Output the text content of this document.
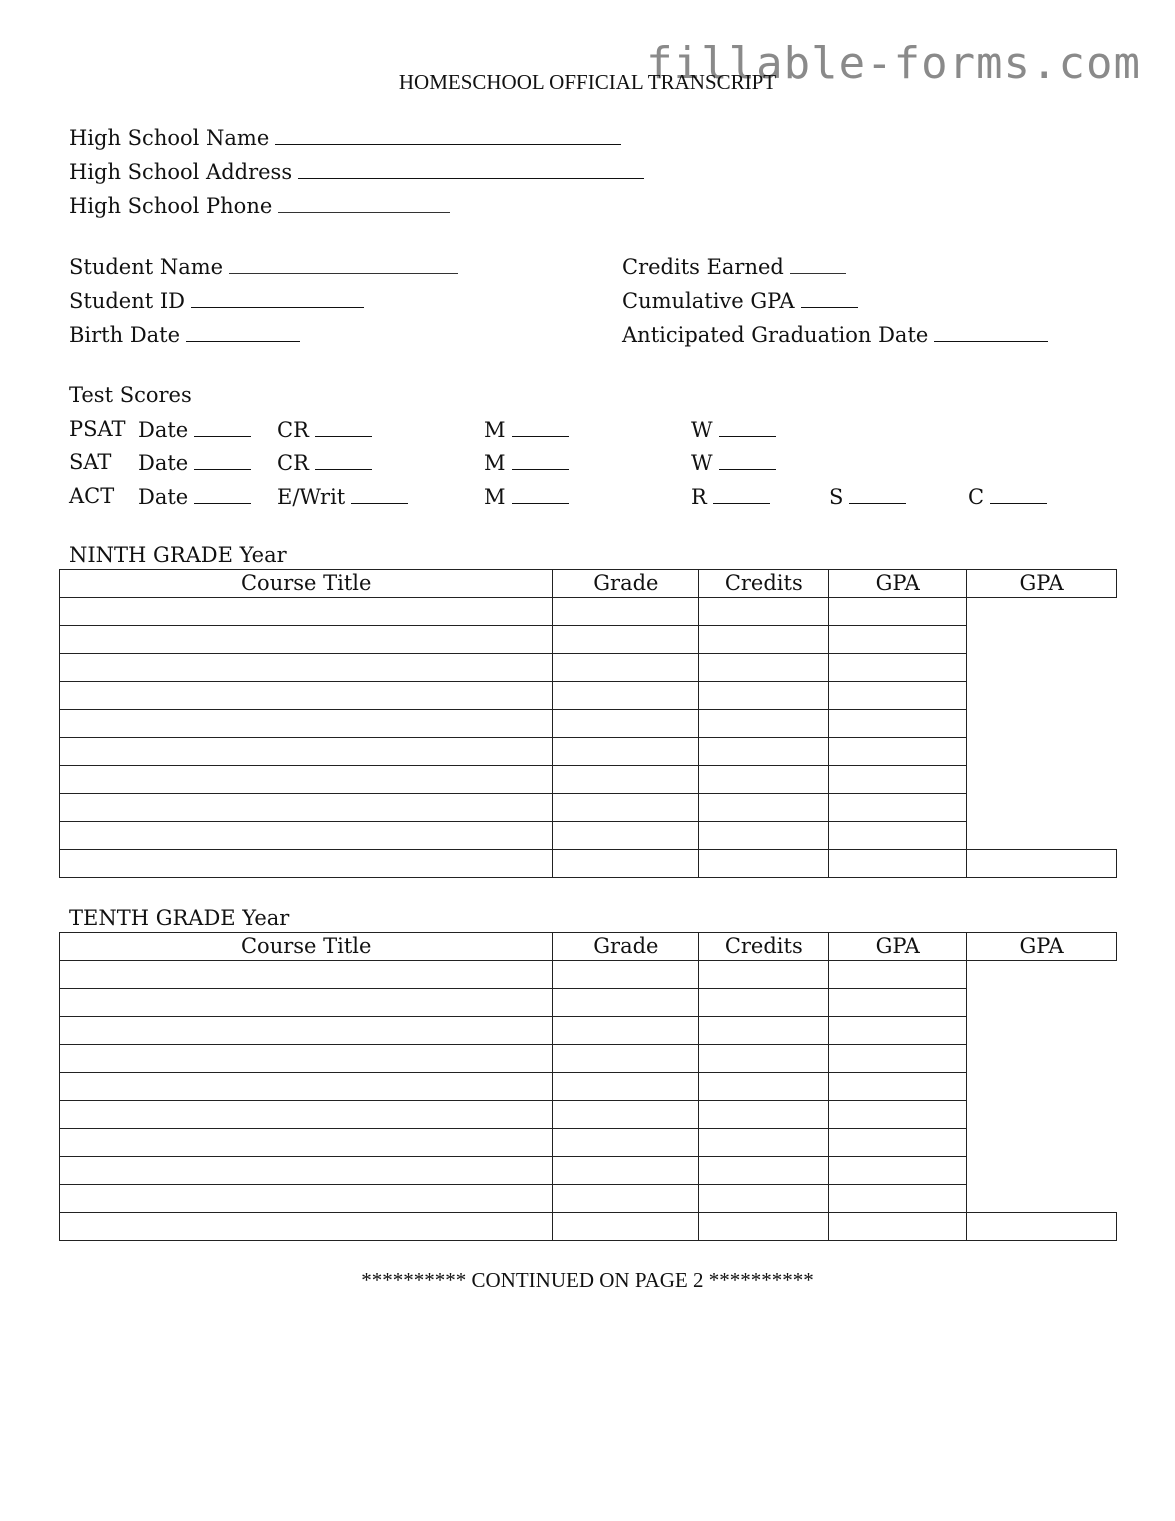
fillable-forms.com
HOMESCHOOL OFFICIAL TRANSCRIPT
High School Name
High School Address
High School Phone
Student Name
Student ID
Birth Date
Credits Earned
Cumulative GPA
Anticipated Graduation Date
Test Scores
PSAT Date	CR	M	W
SAT Date	CR	M	W
ACT Date	E/Writ	M	R	S	C
NINTH GRADE Year
Course Title	Grade	Credits	GPA	GPA

TENTH GRADE Year
Course Title	Grade	Credits	GPA	GPA

********** CONTINUED ON PAGE 2 **********
